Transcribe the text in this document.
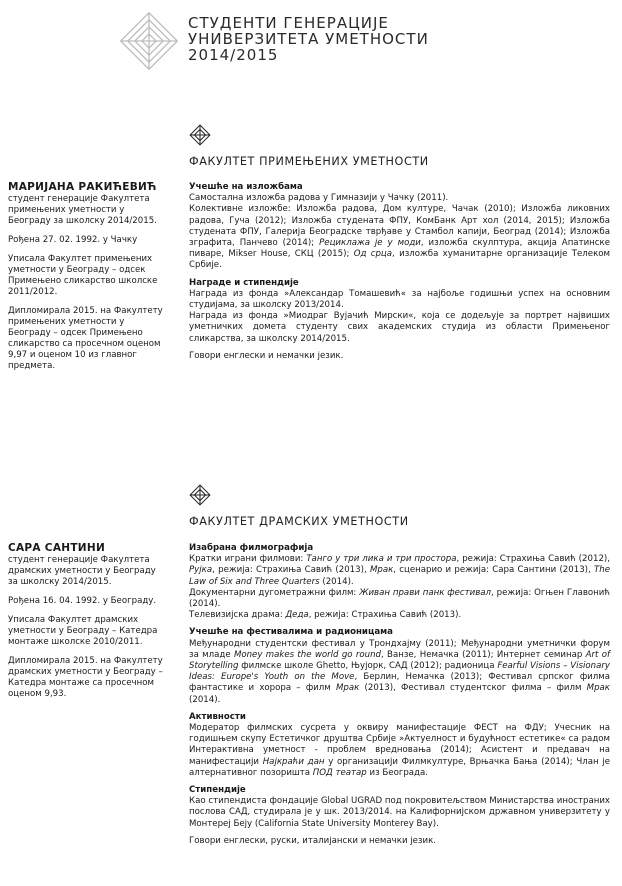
СТУДЕНТИ ГЕНЕРАЦИЈЕ
УНИВЕРЗИТЕТА УМЕТНОСТИ
2014/2015
ФАКУЛТЕТ ПРИМЕЊЕНИХ УМЕТНОСТИ
МАРИЈАНА РАКИЋЕВИЋ

студент генерације Факултета примењених уметности у Београду за школску 2014/2015.

Рођена 27. 02. 1992. у Чачку

Уписала Факултет примењених уметности у Београду – одсек Примењено сликарство школске 2011/2012.

Дипломирала 2015. на Факултету примењених уметности у Београду – одсек Примењено сликарство са просечном оценом 9,97 и оценом 10 из главног предмета.

Учешће на изложбама

Самостална изложба радова у Гимназији у Чачку (2011).

Колективне изложбе: Изложба радова, Дом културе, Чачак (2010); Изложба ликовних радова, Гуча (2012); Изложба студената ФПУ, КомБанк Арт хол (2014, 2015); Изложба студената ФПУ, Галерија Београдске тврђаве у Стамбол капији, Београд (2014); Изложба зграфита, Панчево (2014); Рециклажа је у моди, изложба скулптура, акција Апатинске пиваре, Mikser House, СКЦ (2015); Од срца, изложба хуманитарне организације Телеком Србије.

Награде и стипендије

Награда из фонда »Александар Томашевић« за најбоље годишњи успех на основним студијама, за школску 2013/2014.

Награда из фонда »Миодраг Вујачић Мирски«, која се додељује за портрет највиших уметничких домета студенту свих академских студија из области Примењеног сликарства, за школску 2014/2015.

Говори енглески и немачки језик.

ФАКУЛТЕТ ДРАМСКИХ УМЕТНОСТИ
САРА САНТИНИ

студент генерације Факултета драмских уметности у Београду за школску 2014/2015.

Рођена 16. 04. 1992. у Београду.

Уписала Факултет драмских уметности у Београду – Катедра монтаже школске 2010/2011.

Дипломирала 2015. на Факултету драмских уметности у Београду – Катедра монтаже са просечном оценом 9,93.

Изабрана филмографија

Кратки играни филмови: Танго у три лика и три простора, режија: Страхиња Савић (2012), Рујка, режија: Страхиња Савић (2013), Мрак, сценарио и режија: Сара Сантини (2013), The Law of Six and Three Quarters (2014).

Документарни дугометражни филм: Живан прави панк фестивал, режија: Огњен Главонић (2014).

Телевизијска драма: Деда, режија: Страхиња Савић (2013).

Учешће на фестивалима и радионицама

Међународни студентски фестивал у Трондхајму (2011); Међународни уметнички форум за младе Money makes the world go round, Ванзе, Немачка (2011); Интернет семинар Art of Storytelling филмске школе Ghetto, Њујорк, САД (2012); радионица Fearful Visions – Visionary Ideas: Europe's Youth on the Move, Берлин, Немачка (2013); Фестивал српског филма фантастике и хорора – филм Мрак (2013), Фестивал студентског филма – филм Мрак (2014).

Активности

Модератор филмских сусрета у оквиру манифестације ФЕСТ на ФДУ; Учесник на годишњем скупу Естетичког друштва Србије »Актуелност и будућност естетике« са радом Интерактивна уметност - проблем вредновања (2014); Асистент и предавач на манифестацији Најкраћи дан у организацији Филмкултуре, Врњачка Бања (2014); Члан је алтернативног позоришта ПОД театар из Београда.

Стипендије

Као стипендиста фондације Global UGRAD под покровитељством Министарства иностраних послова САД, студирала је у шк. 2013/2014. на Калифорнијском државном универзитету у Монтереј Беју (California State University Monterey Bay).

Говори енглески, руски, италијански и немачки језик.
